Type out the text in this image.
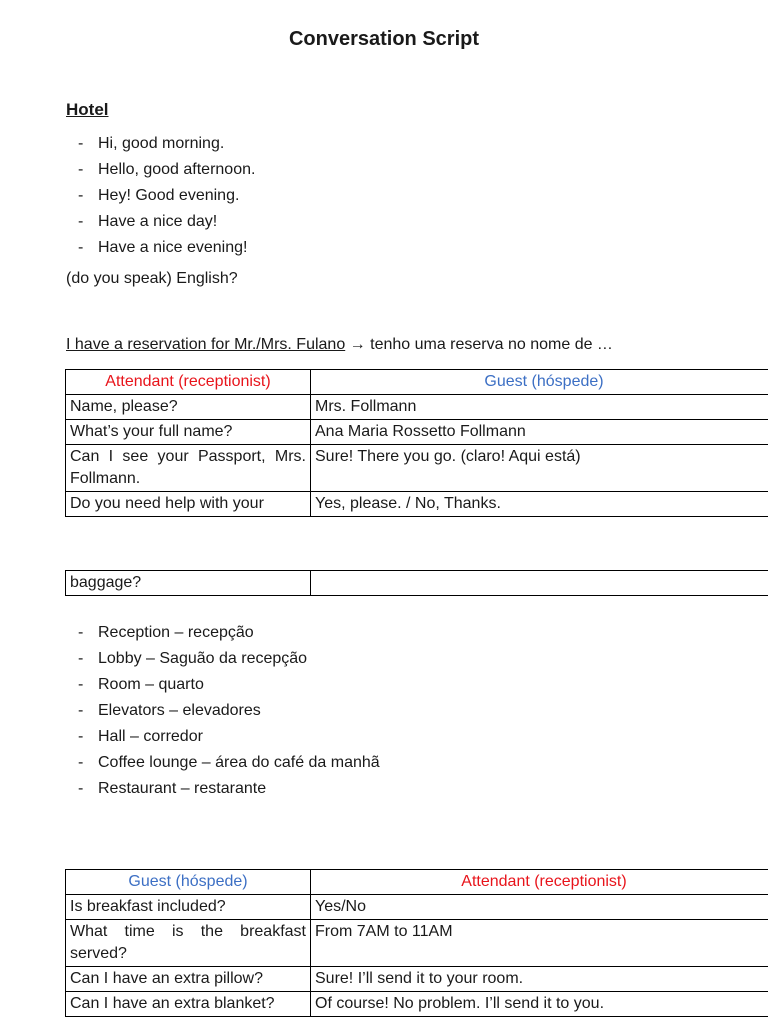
Conversation Script
Hotel
- Hi, good morning.
- Hello, good afternoon.
- Hey! Good evening.
- Have a nice day!
- Have a nice evening!
(do you speak) English?
I have a reservation for Mr./Mrs. Fulano → tenho uma reserva no nome de …
Attendant (receptionist)	Guest (hóspede)
Name, please?	Mrs. Follmann
What’s your full name?	Ana Maria Rossetto Follmann
Can I see your Passport, Mrs. Follmann.	Sure! There you go. (claro! Aqui está)
Do you need help with your	Yes, please. / No, Thanks.
baggage?	
- Reception – recepção
- Lobby – Saguão da recepção
- Room – quarto
- Elevators – elevadores
- Hall – corredor
- Coffee lounge – área do café da manhã
- Restaurant – restarante
Guest (hóspede)	Attendant (receptionist)
Is breakfast included?	Yes/No
What time is the breakfast served?	From 7AM to 11AM
Can I have an extra pillow?	Sure! I’ll send it to your room.
Can I have an extra blanket?	Of course! No problem. I’ll send it to you.
